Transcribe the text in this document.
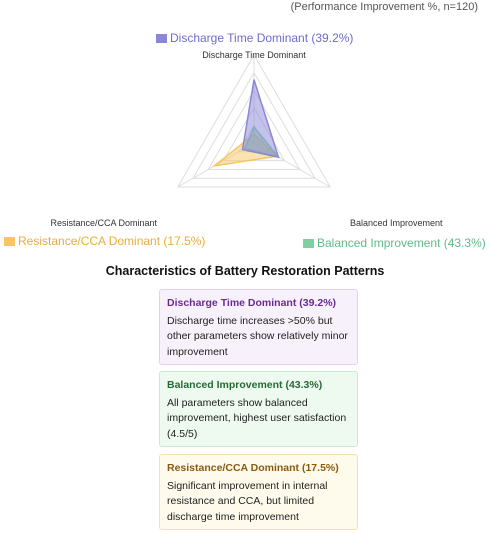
(Performance Improvement %, n=120)
Discharge Time Dominant
Balanced Improvement
Resistance/CCA Dominant
Discharge Time Dominant (39.2%)
Resistance/CCA Dominant (17.5%)	Balanced Improvement (43.3%)
Characteristics of Battery Restoration Patterns
Discharge Time Dominant (39.2%)
Discharge time increases >50% but other parameters show relatively minor improvement
Balanced Improvement (43.3%)
All parameters show balanced improvement, highest user satisfaction (4.5/5)
Resistance/CCA Dominant (17.5%)
Significant improvement in internal resistance and CCA, but limited discharge time improvement
